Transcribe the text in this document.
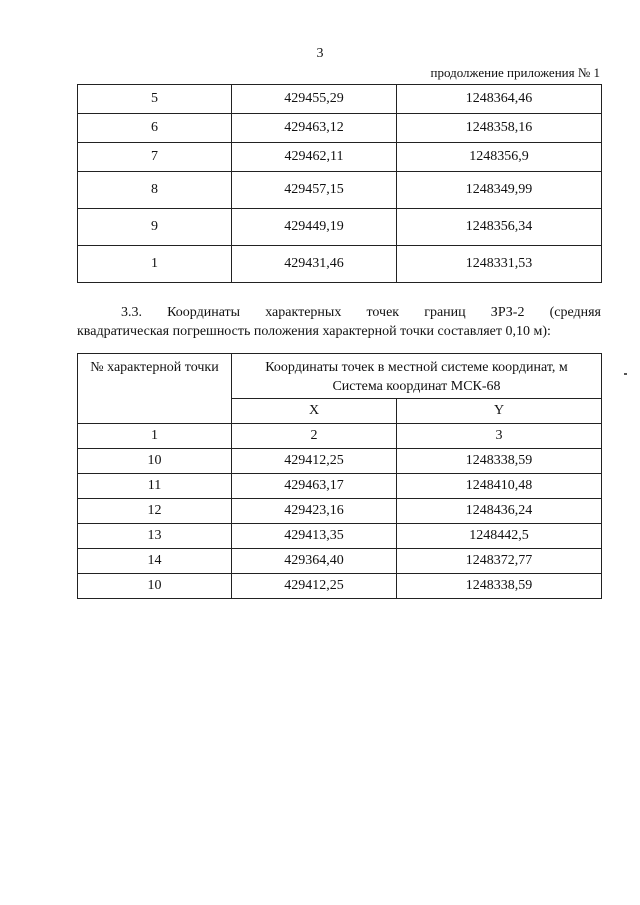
3
продолжение приложения № 1
5	429455,29	1248364,46
6	429463,12	1248358,16
7	429462,11	1248356,9
8	429457,15	1248349,99
9	429449,19	1248356,34
1	429431,46	1248331,53
3.3. Координаты характерных точек границ ЗРЗ-2 (средняя
квадратическая погрешность положения характерной точки составляет 0,10 м):
№ характерной точки	Координаты точек в местной системе координат, м
Система координат МСК-68	

	X	Y
1	2	3
10	429412,25	1248338,59
11	429463,17	1248410,48
12	429423,16	1248436,24
13	429413,35	1248442,5
14	429364,40	1248372,77
10	429412,25	1248338,59
